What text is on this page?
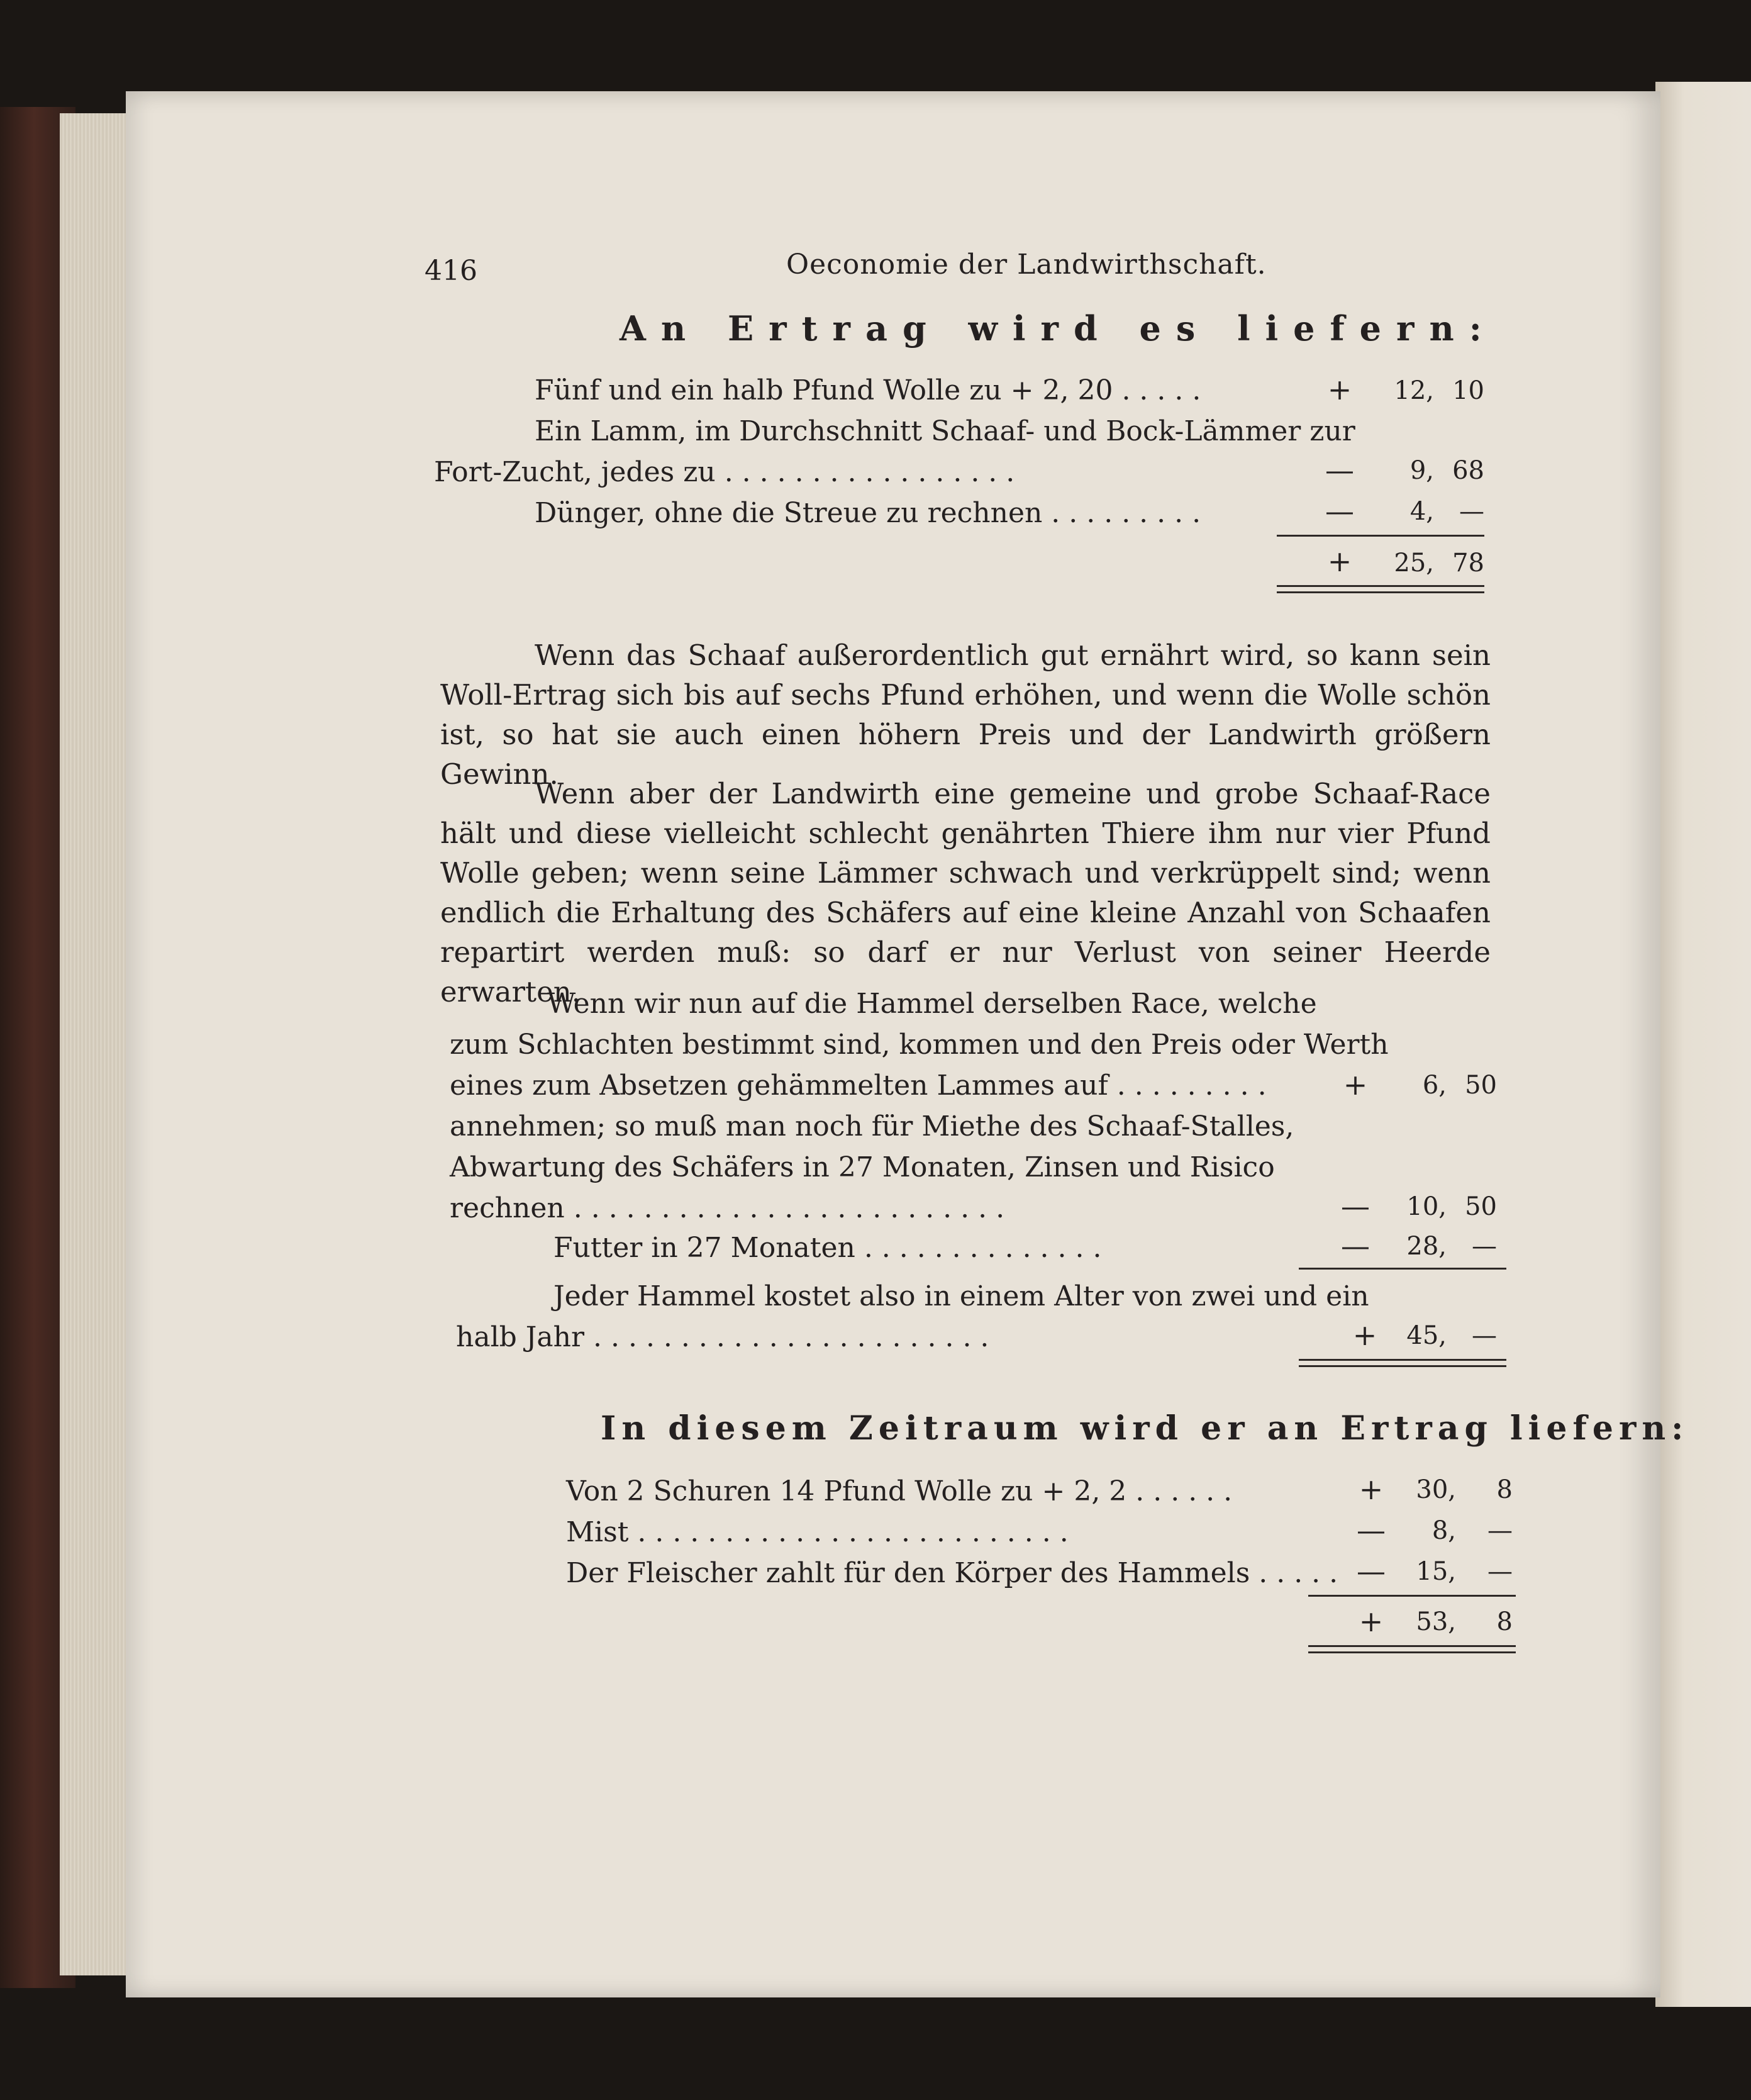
416	Oeconomie der Landwirthschaft.
An Ertrag wird es liefern:
Fünf und ein halb Pfund Wolle zu + 2, 20 . . . . .	+	12, 10
Ein Lamm, im Durchschnitt Schaaf- und Bock-Lämmer zur
Fort-Zucht, jedes zu . . . . . . . . . . . . . . . . .	—	9, 68
Dünger, ohne die Streue zu rechnen . . . . . . . . .	—	4,	—
+	25, 78

Wenn das Schaaf außerordentlich gut ernährt wird, so kann sein Woll-Ertrag sich bis auf sechs Pfund erhöhen, und wenn die Wolle schön ist, so hat sie auch einen höhern Preis und der Landwirth größern Gewinn.

Wenn aber der Landwirth eine gemeine und grobe Schaaf-Race hält und diese vielleicht schlecht genährten Thiere ihm nur vier Pfund Wolle geben; wenn seine Lämmer schwach und verkrüppelt sind; wenn endlich die Erhaltung des Schäfers auf eine kleine Anzahl von Schaafen repartirt werden muß: so darf er nur Verlust von seiner Heerde erwarten.

Wenn wir nun auf die Hammel derselben Race, welche
zum Schlachten bestimmt sind, kommen und den Preis oder Werth
eines zum Absetzen gehämmelten Lammes auf . . . . . . . . .	+	6, 50
annehmen; so muß man noch für Miethe des Schaaf-Stalles,
Abwartung des Schäfers in 27 Monaten, Zinsen und Risico
rechnen . . . . . . . . . . . . . . . . . . . . . . . . .	—	10, 50
Futter in 27 Monaten . . . . . . . . . . . . . .	—	28,	—
Jeder Hammel kostet also in einem Alter von zwei und ein
halb Jahr . . . . . . . . . . . . . . . . . . . . . . .	+	45,	—
In diesem Zeitraum wird er an Ertrag liefern:
Von 2 Schuren 14 Pfund Wolle zu + 2, 2 . . . . . .	+	30,	8
Mist . . . . . . . . . . . . . . . . . . . . . . . . .	—	8,	—
Der Fleischer zahlt für den Körper des Hammels . . . . . —	15,	—
+	53,	8
